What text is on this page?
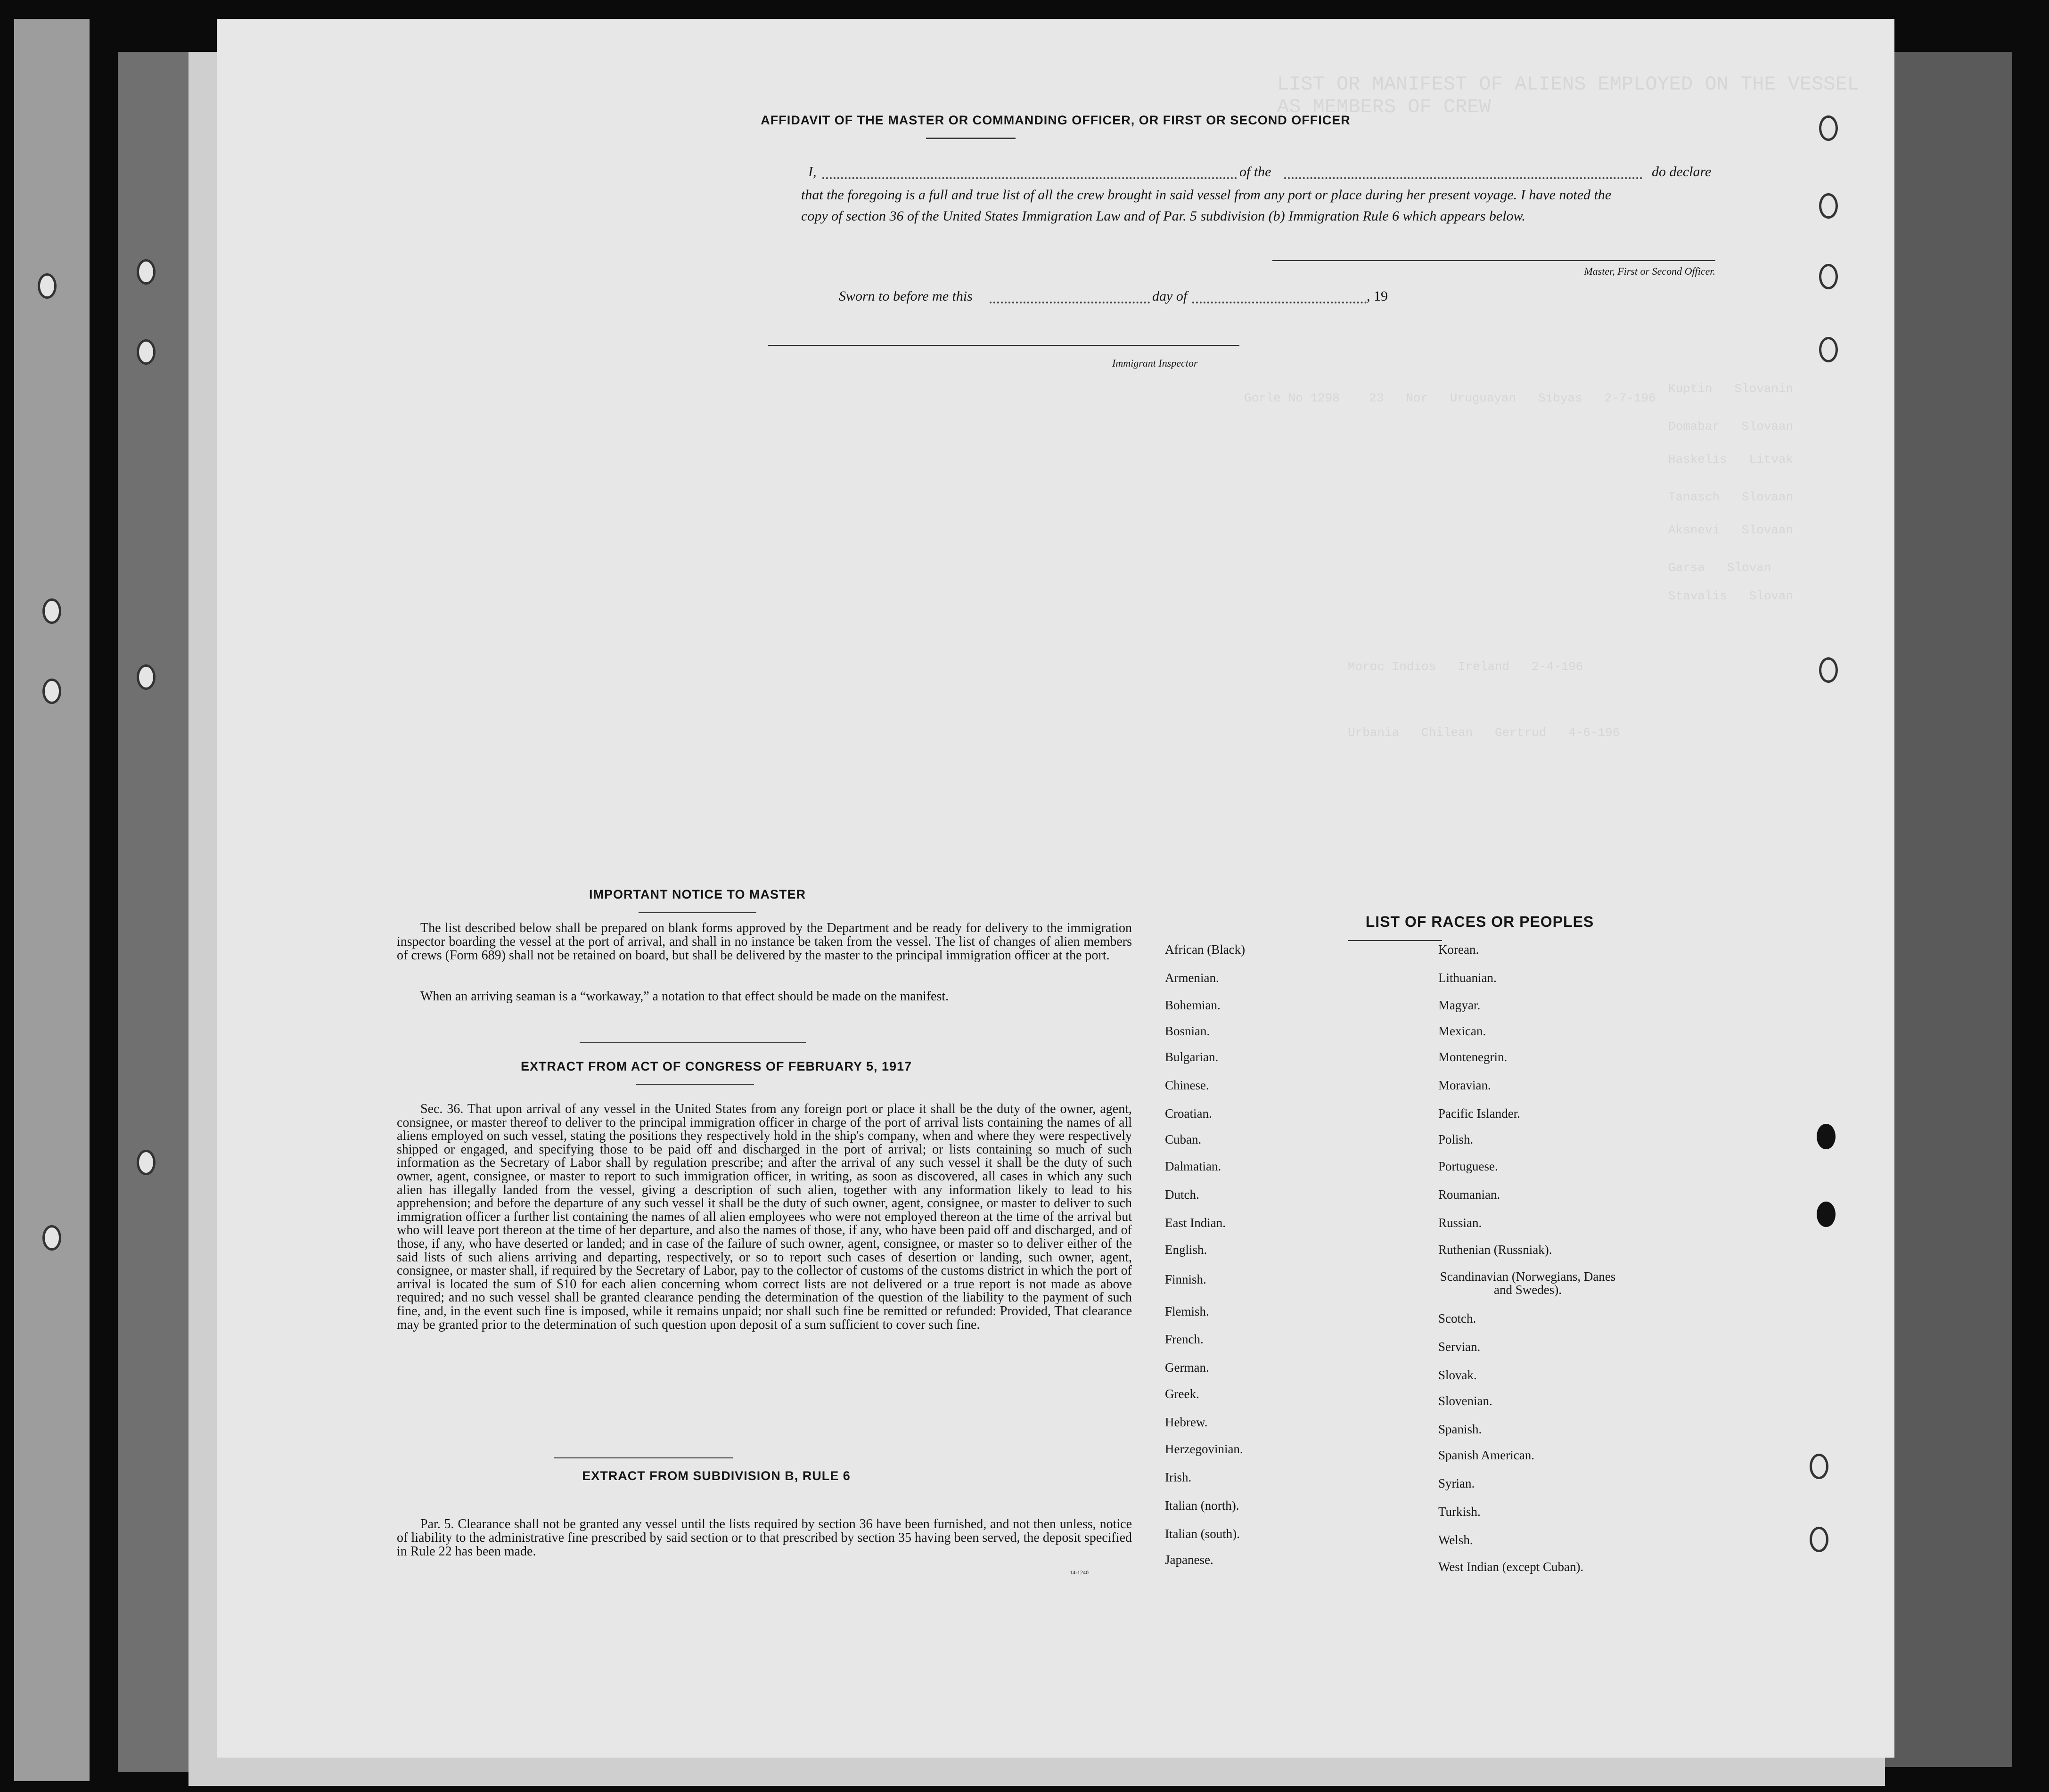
AFFIDAVIT OF THE MASTER OR COMMANDING OFFICER, OR FIRST OR SECOND OFFICER
I,	of the	do declare
that the foregoing is a full and true list of all the crew brought in said vessel from any port or place during her present voyage. I have noted the
copy of section 36 of the United States Immigration Law and of Par. 5 subdivision (b) Immigration Rule 6 which appears below.
Master, First or Second Officer.
Sworn to before me this	day of	, 19
Immigrant Inspector
LIST OR MANIFEST OF ALIENS EMPLOYED ON THE VESSEL AS MEMBERS OF CREW
Kuptin   Slovanin
Domabar   Slovaan
Haskelis   Litvak
Tanasch   Slovaan
Aksnevi   Slovaan
Garsa   Slovan
Stavalis   Slovan
Gorle No 1298    23   Nor   Uruguayan   Sibyas   2-7-196
Moroc Indios   Ireland   2-4-196
Urbania   Chilean   Gertrud   4-6-196
IMPORTANT NOTICE TO MASTER
The list described below shall be prepared on blank forms approved by the Department and be ready for delivery to the immigration inspector boarding the vessel at the port of arrival, and shall in no instance be taken from the vessel. The list of changes of alien members of crews (Form 689) shall not be retained on board, but shall be delivered by the master to the principal immigration officer at the port.
When an arriving seaman is a “workaway,” a notation to that effect should be made on the manifest.
EXTRACT FROM ACT OF CONGRESS OF FEBRUARY 5, 1917
Sec. 36. That upon arrival of any vessel in the United States from any foreign port or place it shall be the duty of the owner, agent, consignee, or master thereof to deliver to the principal immigration officer in charge of the port of arrival lists containing the names of all aliens employed on such vessel, stating the positions they respectively hold in the ship's company, when and where they were respectively shipped or engaged, and specifying those to be paid off and discharged in the port of arrival; or lists containing so much of such information as the Secretary of Labor shall by regulation prescribe; and after the arrival of any such vessel it shall be the duty of such owner, agent, consignee, or master to report to such immigration officer, in writing, as soon as discovered, all cases in which any such alien has illegally landed from the vessel, giving a description of such alien, together with any information likely to lead to his apprehension; and before the departure of any such vessel it shall be the duty of such owner, agent, consignee, or master to deliver to such immigration officer a further list containing the names of all alien employees who were not employed thereon at the time of the arrival but who will leave port thereon at the time of her departure, and also the names of those, if any, who have been paid off and discharged, and of those, if any, who have deserted or landed; and in case of the failure of such owner, agent, consignee, or master so to deliver either of the said lists of such aliens arriving and departing, respectively, or so to report such cases of desertion or landing, such owner, agent, consignee, or master shall, if required by the Secretary of Labor, pay to the collector of customs of the customs district in which the port of arrival is located the sum of $10 for each alien concerning whom correct lists are not delivered or a true report is not made as above required; and no such vessel shall be granted clearance pending the determination of the question of the liability to the payment of such fine, and, in the event such fine is imposed, while it remains unpaid; nor shall such fine be remitted or refunded: Provided, That clearance may be granted prior to the determination of such question upon deposit of a sum sufficient to cover such fine.
EXTRACT FROM SUBDIVISION B, RULE 6
Par. 5. Clearance shall not be granted any vessel until the lists required by section 36 have been furnished, and not then unless, notice of liability to the administrative fine prescribed by said section or to that prescribed by section 35 having been served, the deposit specified in Rule 22 has been made.
14-1240
LIST OF RACES OR PEOPLES
African (Black)
Armenian.
Bohemian.
Bosnian.
Bulgarian.
Chinese.
Croatian.
Cuban.
Dalmatian.
Dutch.
East Indian.
English.
Finnish.
Flemish.
French.
German.
Greek.
Hebrew.
Herzegovinian.
Irish.
Italian (north).
Italian (south).
Japanese.
Korean.
Lithuanian.
Magyar.
Mexican.
Montenegrin.
Moravian.
Pacific Islander.
Polish.
Portuguese.
Roumanian.
Russian.
Ruthenian (Russniak).
Scandinavian (Norwegians, Danes and Swedes).
Scotch.
Servian.
Slovak.
Slovenian.
Spanish.
Spanish American.
Syrian.
Turkish.
Welsh.
West Indian (except Cuban).
